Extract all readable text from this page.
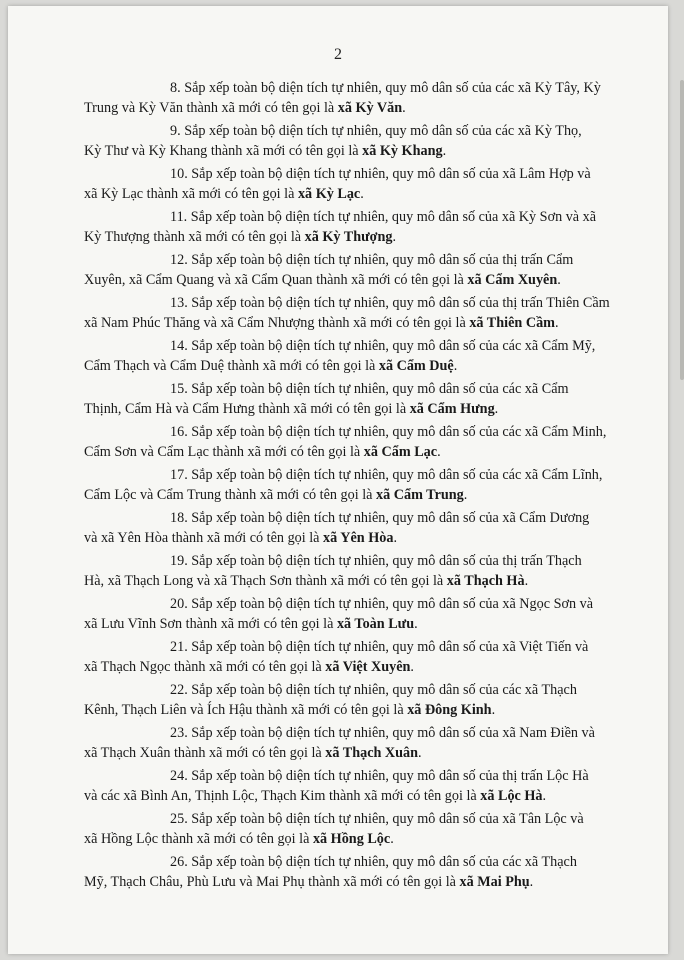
2

8. Sắp xếp toàn bộ diện tích tự nhiên, quy mô dân số của các xã Kỳ Tây, Kỳ

Trung và Kỳ Văn thành xã mới có tên gọi là xã Kỳ Văn.

9. Sắp xếp toàn bộ diện tích tự nhiên, quy mô dân số của các xã Kỳ Thọ,

Kỳ Thư và Kỳ Khang thành xã mới có tên gọi là xã Kỳ Khang.

10. Sắp xếp toàn bộ diện tích tự nhiên, quy mô dân số của xã Lâm Hợp và

xã Kỳ Lạc thành xã mới có tên gọi là xã Kỳ Lạc.

11. Sắp xếp toàn bộ diện tích tự nhiên, quy mô dân số của xã Kỳ Sơn và xã

Kỳ Thượng thành xã mới có tên gọi là xã Kỳ Thượng.

12. Sắp xếp toàn bộ diện tích tự nhiên, quy mô dân số của thị trấn Cẩm

Xuyên, xã Cẩm Quang và xã Cẩm Quan thành xã mới có tên gọi là xã Cẩm Xuyên.

13. Sắp xếp toàn bộ diện tích tự nhiên, quy mô dân số của thị trấn Thiên Cầm

xã Nam Phúc Thăng và xã Cẩm Nhượng thành xã mới có tên gọi là xã Thiên Cầm.

14. Sắp xếp toàn bộ diện tích tự nhiên, quy mô dân số của các xã Cẩm Mỹ,

Cẩm Thạch và Cẩm Duệ thành xã mới có tên gọi là xã Cẩm Duệ.

15. Sắp xếp toàn bộ diện tích tự nhiên, quy mô dân số của các xã Cẩm

Thịnh, Cẩm Hà và Cẩm Hưng thành xã mới có tên gọi là xã Cẩm Hưng.

16. Sắp xếp toàn bộ diện tích tự nhiên, quy mô dân số của các xã Cẩm Minh,

Cẩm Sơn và Cẩm Lạc thành xã mới có tên gọi là xã Cẩm Lạc.

17. Sắp xếp toàn bộ diện tích tự nhiên, quy mô dân số của các xã Cẩm Lĩnh,

Cẩm Lộc và Cẩm Trung thành xã mới có tên gọi là xã Cẩm Trung.

18. Sắp xếp toàn bộ diện tích tự nhiên, quy mô dân số của xã Cẩm Dương

và xã Yên Hòa thành xã mới có tên gọi là xã Yên Hòa.

19. Sắp xếp toàn bộ diện tích tự nhiên, quy mô dân số của thị trấn Thạch

Hà, xã Thạch Long và xã Thạch Sơn thành xã mới có tên gọi là xã Thạch Hà.

20. Sắp xếp toàn bộ diện tích tự nhiên, quy mô dân số của xã Ngọc Sơn và

xã Lưu Vĩnh Sơn thành xã mới có tên gọi là xã Toàn Lưu.

21. Sắp xếp toàn bộ diện tích tự nhiên, quy mô dân số của xã Việt Tiến và

xã Thạch Ngọc thành xã mới có tên gọi là xã Việt Xuyên.

22. Sắp xếp toàn bộ diện tích tự nhiên, quy mô dân số của các xã Thạch

Kênh, Thạch Liên và Ích Hậu thành xã mới có tên gọi là xã Đông Kinh.

23. Sắp xếp toàn bộ diện tích tự nhiên, quy mô dân số của xã Nam Điền và

xã Thạch Xuân thành xã mới có tên gọi là xã Thạch Xuân.

24. Sắp xếp toàn bộ diện tích tự nhiên, quy mô dân số của thị trấn Lộc Hà

và các xã Bình An, Thịnh Lộc, Thạch Kim thành xã mới có tên gọi là xã Lộc Hà.

25. Sắp xếp toàn bộ diện tích tự nhiên, quy mô dân số của xã Tân Lộc và

xã Hồng Lộc thành xã mới có tên gọi là xã Hồng Lộc.

26. Sắp xếp toàn bộ diện tích tự nhiên, quy mô dân số của các xã Thạch

Mỹ, Thạch Châu, Phù Lưu và Mai Phụ thành xã mới có tên gọi là xã Mai Phụ.
